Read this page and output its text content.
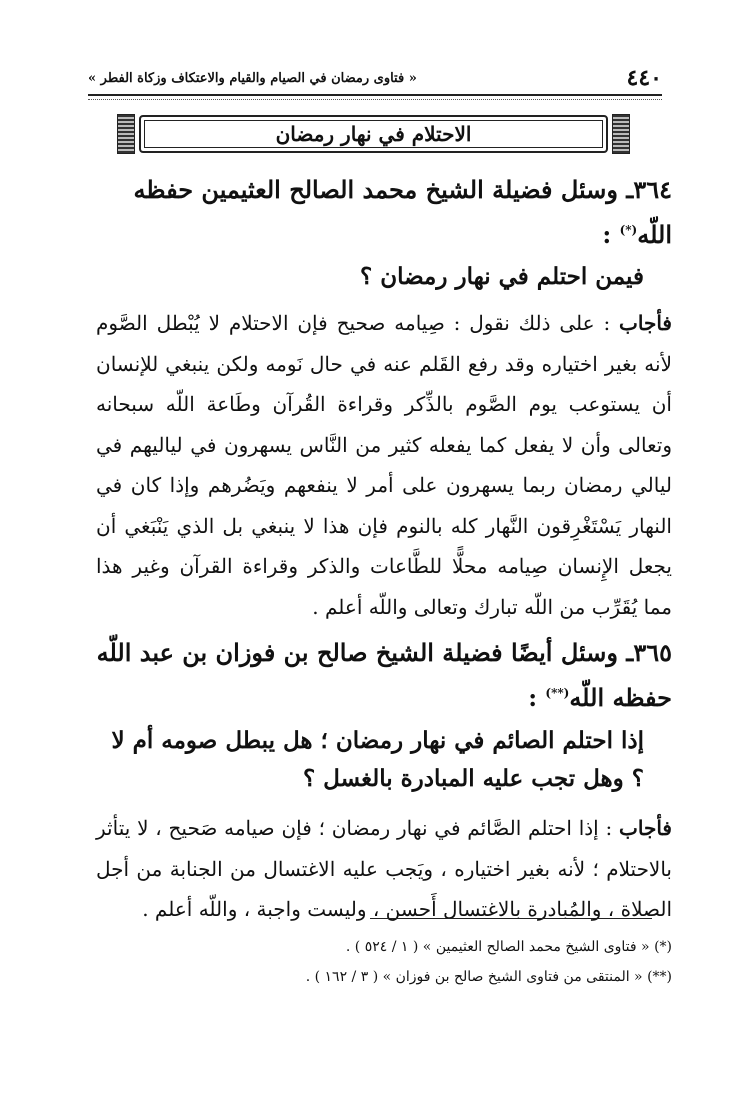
٤٤٠
« فتاوى رمضان في الصيام والقيام والاعتكاف وزكاة الفطر »
الاحتلام في نهار رمضان

٣٦٤ـ وسئل فضيلة الشيخ محمد الصالح العثيمين حفظه اللّه(*) :

فيمن احتلم في نهار رمضان ؟

فأجاب : على ذلك نقول : صِيامه صحيح فإن الاحتلام لا يُبْطل الصَّوم لأنه بغير اختياره وقد رفع القَلم عنه في حال نَومه ولكن ينبغي للإنسان أن يستوعب يوم الصَّوم بالذِّكر وقراءة القُرآن وطَاعة اللّه سبحانه وتعالى وأن لا يفعل كما يفعله كثير من النَّاس يسهرون في لياليهم في ليالي رمضان ربما يسهرون على أمر لا ينفعهم ويَضُرهم وإذا كان في النهار يَسْتَغْرِقون النَّهار كله بالنوم فإن هذا لا ينبغي بل الذي يَنْبَغي أن يجعل الإِنسان صِيامه محلًّا للطَّاعات والذكر وقراءة القرآن وغير هذا مما يُقَرِّب من اللّه تبارك وتعالى واللّه أعلم .

٣٦٥ـ وسئل أيضًا فضيلة الشيخ صالح بن فوزان بن عبد اللّه حفظه اللّه(**) :

إذا احتلم الصائم في نهار رمضان ؛ هل يبطل صومه أم لا ؟ وهل تجب عليه المبادرة بالغسل ؟

فأجاب : إذا احتلم الصَّائم في نهار رمضان ؛ فإن صيامه صَحيح ، لا يتأثر بالاحتلام ؛ لأنه بغير اختياره ، ويَجب عليه الاغتسال من الجنابة من أجل الصلاة ، والمُبادرة بالاغتسال أَحسن ، وليست واجبة ، واللّه أعلم .

(*) « فتاوى الشيخ محمد الصالح العثيمين » ( ١ / ٥٢٤ ) .

(**) « المنتقى من فتاوى الشيخ صالح بن فوزان » ( ٣ / ١٦٢ ) .
